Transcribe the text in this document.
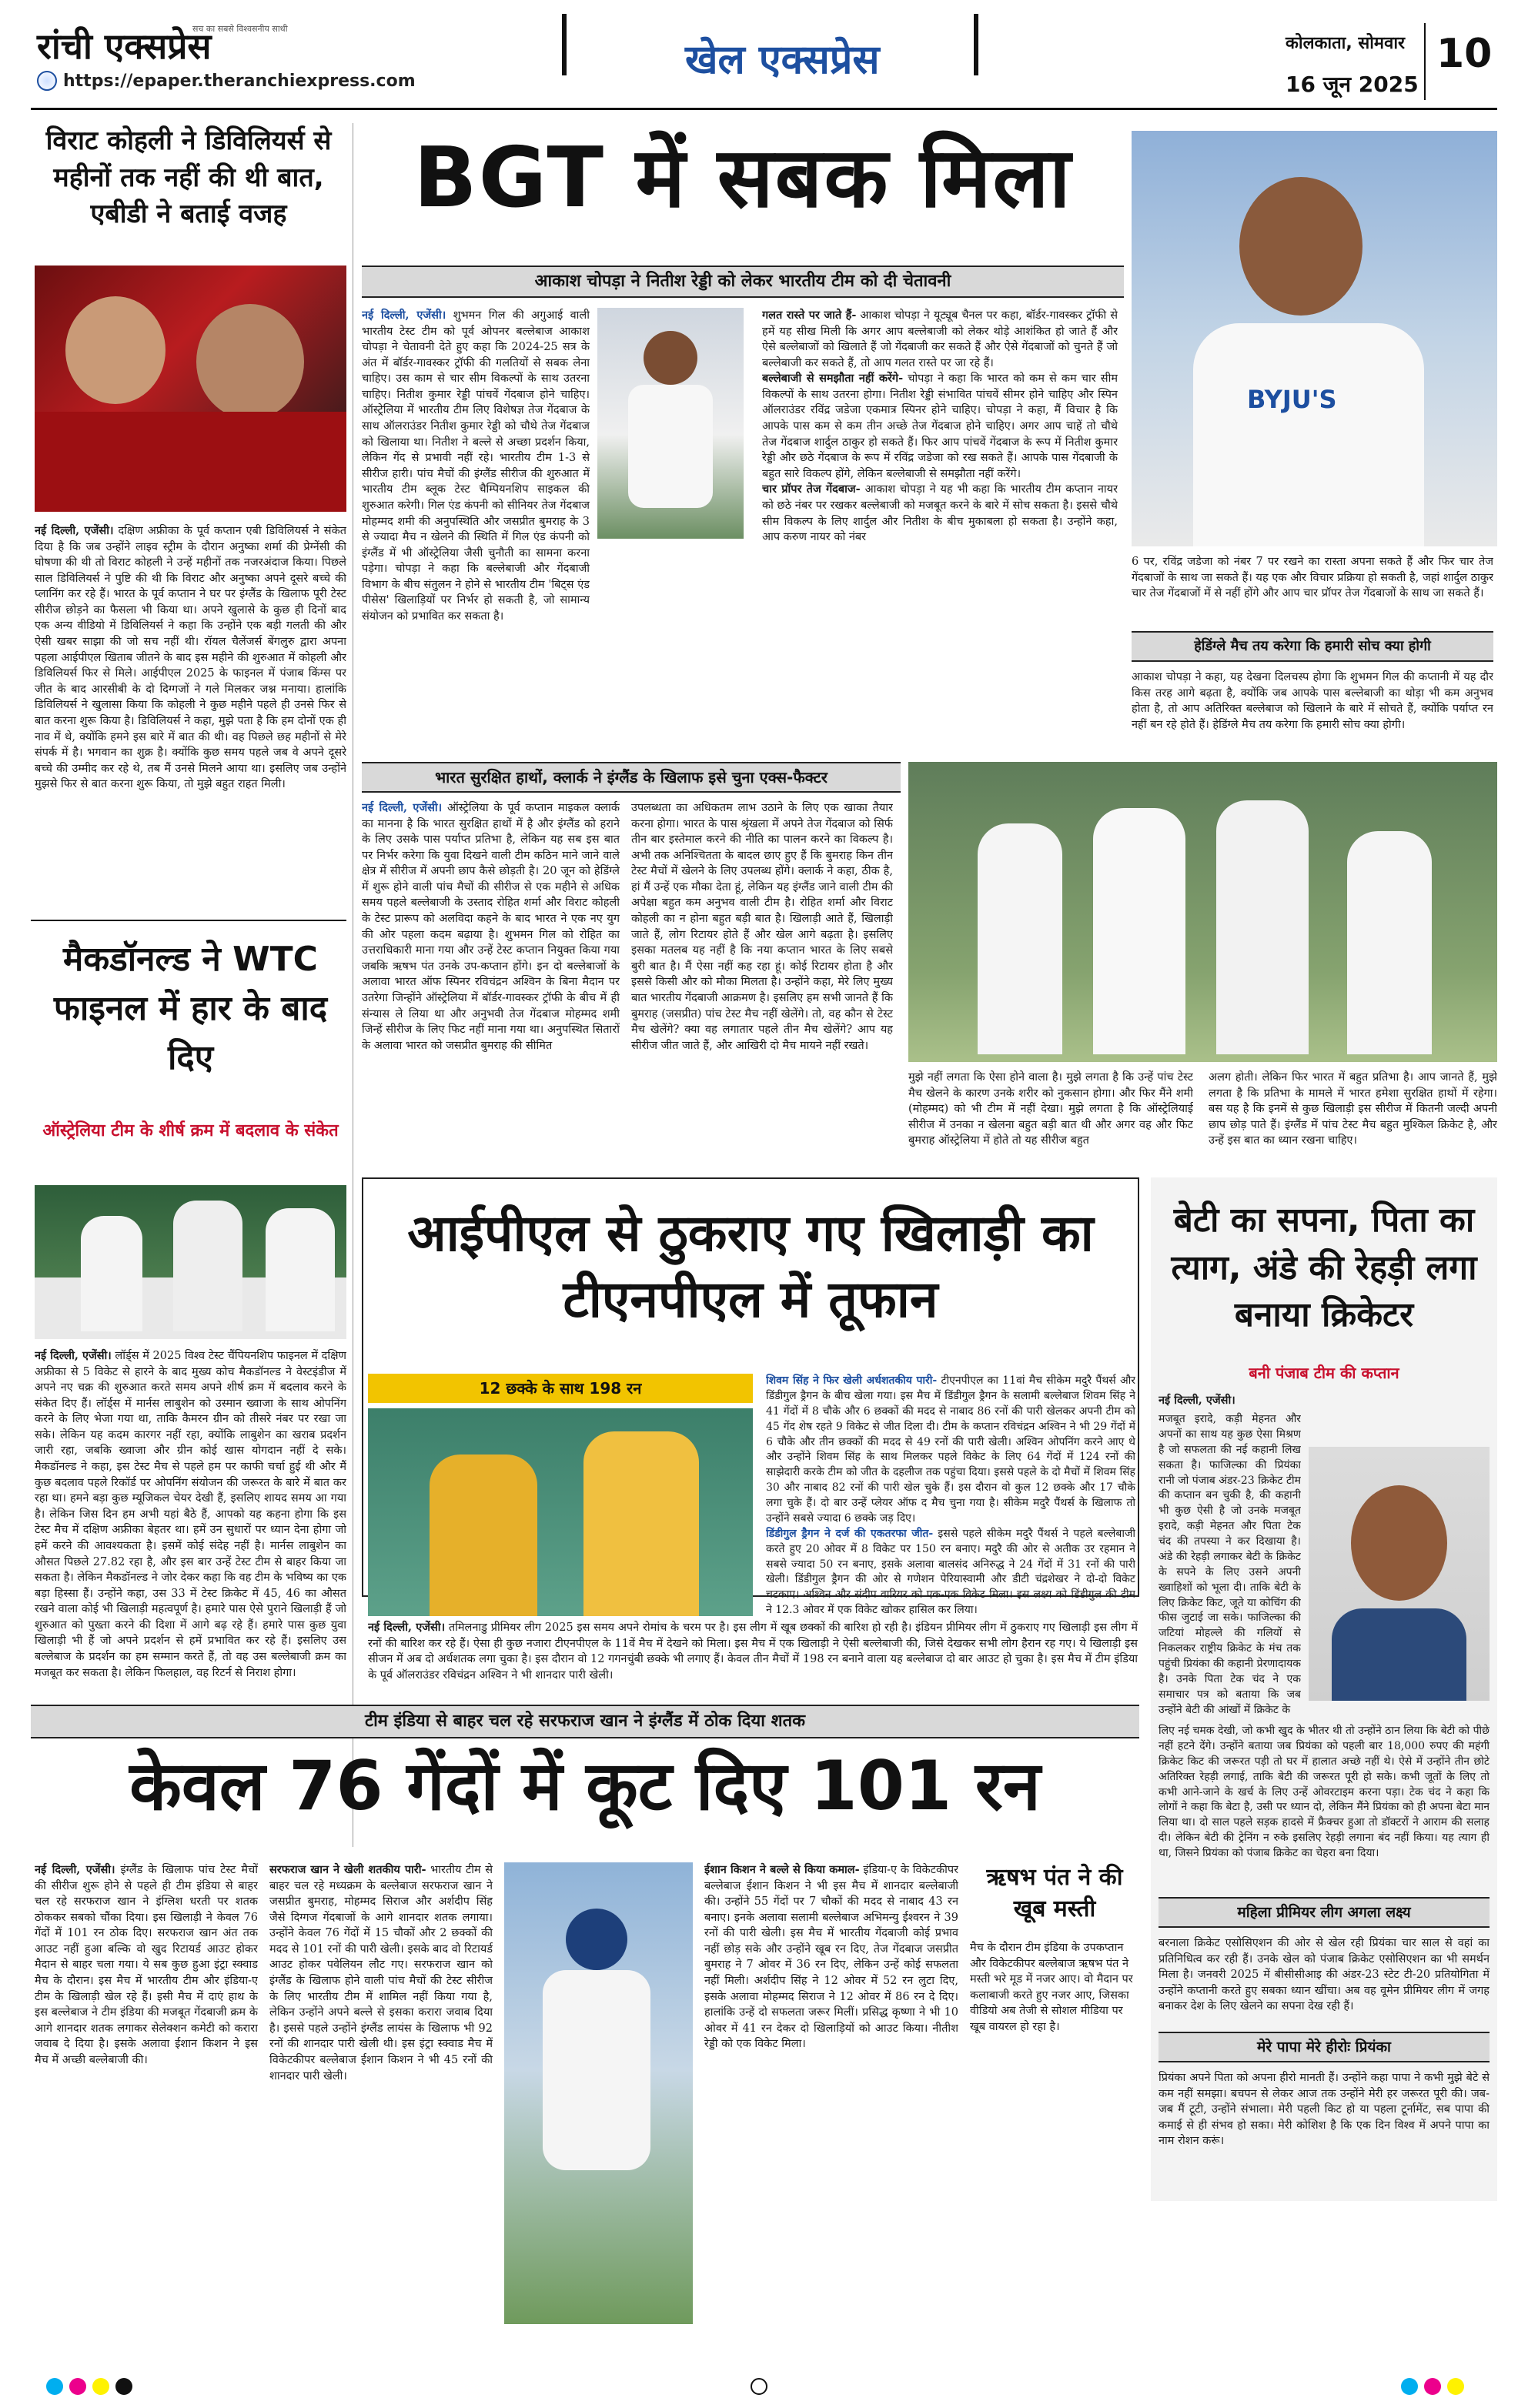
रांची एक्सप्रेस
सच का सबसे विश्वसनीय साथी
https://epaper.theranchiexpress.com	खेल एक्सप्रेस	कोलकाता, सोमवार
16 जून 2025
10
विराट कोहली ने डिविलियर्स से महीनों तक नहीं की थी बात, एबीडी ने बताई वजह
नई दिल्ली, एजेंसी। दक्षिण अफ्रीका के पूर्व कप्तान एबी डिविलियर्स ने संकेत दिया है कि जब उन्होंने लाइव स्ट्रीम के दौरान अनुष्का शर्मा की प्रेग्नेंसी की घोषणा की थी तो विराट कोहली ने उन्हें महीनों तक नजरअंदाज किया। पिछले साल डिविलियर्स ने पुष्टि की थी कि विराट और अनुष्का अपने दूसरे बच्चे की प्लानिंग कर रहे हैं। भारत के पूर्व कप्तान ने घर पर इंग्लैंड के खिलाफ पूरी टेस्ट सीरीज छोड़ने का फैसला भी किया था। अपने खुलासे के कुछ ही दिनों बाद एक अन्य वीडियो में डिविलियर्स ने कहा कि उन्होंने एक बड़ी गलती की और ऐसी खबर साझा की जो सच नहीं थी। रॉयल चैलेंजर्स बेंगलुरु द्वारा अपना पहला आईपीएल खिताब जीतने के बाद इस महीने की शुरुआत में कोहली और डिविलियर्स फिर से मिले। आईपीएल 2025 के फाइनल में पंजाब किंग्स पर जीत के बाद आरसीबी के दो दिग्गजों ने गले मिलकर जश्न मनाया। हालांकि डिविलियर्स ने खुलासा किया कि कोहली ने कुछ महीने पहले ही उनसे फिर से बात करना शुरू किया है। डिविलियर्स ने कहा, मुझे पता है कि हम दोनों एक ही नाव में थे, क्योंकि हमने इस बारे में बात की थी। वह पिछले छह महीनों से मेरे संपर्क में है। भगवान का शुक्र है। क्योंकि कुछ समय पहले जब वे अपने दूसरे बच्चे की उम्मीद कर रहे थे, तब मैं उनसे मिलने आया था। इसलिए जब उन्होंने मुझसे फिर से बात करना शुरू किया, तो मुझे बहुत राहत मिली।
मैकडॉनल्ड ने WTC फाइनल में हार के बाद दिए
ऑस्ट्रेलिया टीम के शीर्ष क्रम में बदलाव के संकेत
नई दिल्ली, एजेंसी। लॉर्ड्स में 2025 विश्व टेस्ट चैंपियनशिप फाइनल में दक्षिण अफ्रीका से 5 विकेट से हारने के बाद मुख्य कोच मैकडॉनल्ड ने वेस्टइंडीज में अपने नए चक्र की शुरुआत करते समय अपने शीर्ष क्रम में बदलाव करने के संकेत दिए हैं। लॉर्ड्स में मार्नस लाबुशेन को उस्मान ख्वाजा के साथ ओपनिंग करने के लिए भेजा गया था, ताकि कैमरन ग्रीन को तीसरे नंबर पर रखा जा सके। लेकिन यह कदम कारगर नहीं रहा, क्योंकि लाबुशेन का खराब प्रदर्शन जारी रहा, जबकि ख्वाजा और ग्रीन कोई खास योगदान नहीं दे सके। मैकडॉनल्ड ने कहा, इस टेस्ट मैच से पहले हम पर काफी चर्चा हुई थी और मैं कुछ बदलाव पहले रिकॉर्ड पर ओपनिंग संयोजन की जरूरत के बारे में बात कर रहा था। हमने बड़ा कुछ म्यूजिकल चेयर देखी हैं, इसलिए शायद समय आ गया है। लेकिन जिस दिन हम अभी यहां बैठे हैं, आपको यह कहना होगा कि इस टेस्ट मैच में दक्षिण अफ्रीका बेहतर था। हमें उन सुधारों पर ध्यान देना होगा जो हमें करने की आवश्यकता है। इसमें कोई संदेह नहीं है। मार्नस लाबुशेन का औसत पिछले 27.82 रहा है, और इस बार उन्हें टेस्ट टीम से बाहर किया जा सकता है। लेकिन मैकडॉनल्ड ने जोर देकर कहा कि वह टीम के भविष्य का एक बड़ा हिस्सा हैं। उन्होंने कहा, उस 33 में टेस्ट क्रिकेट में 45, 46 का औसत रखने वाला कोई भी खिलाड़ी महत्वपूर्ण है। हमारे पास ऐसे पुराने खिलाड़ी हैं जो शुरुआत को पुख्ता करने की दिशा में आगे बढ़ रहे हैं। हमारे पास कुछ युवा खिलाड़ी भी हैं जो अपने प्रदर्शन से हमें प्रभावित कर रहे हैं। इसलिए उस बल्लेबाज के प्रदर्शन का हम सम्मान करते हैं, तो वह उस बल्लेबाजी क्रम का मजबूत कर सकता है। लेकिन फिलहाल, वह रिटर्न से निराश होगा।
BGT में सबक मिला
आकाश चोपड़ा ने नितीश रेड्डी को लेकर भारतीय टीम को दी चेतावनी
नई दिल्ली, एजेंसी। शुभमन गिल की अगुआई वाली भारतीय टेस्ट टीम को पूर्व ओपनर बल्लेबाज आकाश चोपड़ा ने चेतावनी देते हुए कहा कि 2024-25 सत्र के अंत में बॉर्डर-गावस्कर ट्रॉफी की गलतियों से सबक लेना चाहिए। उस काम से चार सीम विकल्पों के साथ उतरना चाहिए। नितीश कुमार रेड्डी पांचवें गेंदबाज होने चाहिए। ऑस्ट्रेलिया में भारतीय टीम लिए विशेषज्ञ तेज गेंदबाज के साथ ऑलराउंडर नितीश कुमार रेड्डी को चौथे तेज गेंदबाज को खिलाया था। नितीश ने बल्ले से अच्छा प्रदर्शन किया, लेकिन गेंद से प्रभावी नहीं रहे। भारतीय टीम 1-3 से सीरीज हारी। पांच मैचों की इंग्लैंड सीरीज की शुरुआत में भारतीय टीम ब्लूक टेस्ट चैम्पियनशिप साइकल की शुरुआत करेगी। गिल एंड कंपनी को सीनियर तेज गेंदबाज मोहम्मद शमी की अनुपस्थिति और जसप्रीत बुमराह के 3 से ज्यादा मैच न खेलने की स्थिति में गिल एंड कंपनी को इंग्लैंड में भी ऑस्ट्रेलिया जैसी चुनौती का सामना करना पड़ेगा। चोपड़ा ने कहा कि बल्लेबाजी और गेंदबाजी विभाग के बीच संतुलन ने होने से भारतीय टीम 'बिट्स एंड पीसेस' खिलाड़ियों पर निर्भर हो सकती है, जो सामान्य संयोजन को प्रभावित कर सकता है।
गलत रास्ते पर जाते हैं- आकाश चोपड़ा ने यूट्यूब चैनल पर कहा, बॉर्डर-गावस्कर ट्रॉफी से हमें यह सीख मिली कि अगर आप बल्लेबाजी को लेकर थोड़े आशंकित हो जाते हैं और ऐसे बल्लेबाजों को खिलाते हैं जो गेंदबाजी कर सकते हैं और ऐसे गेंदबाजों को चुनते हैं जो बल्लेबाजी कर सकते हैं, तो आप गलत रास्ते पर जा रहे हैं।
बल्लेबाजी से समझौता नहीं करेंगे- चोपड़ा ने कहा कि भारत को कम से कम चार सीम विकल्पों के साथ उतरना होगा। नितीश रेड्डी संभावित पांचवें सीमर होने चाहिए और स्पिन ऑलराउंडर रविंद्र जडेजा एकमात्र स्पिनर होने चाहिए। चोपड़ा ने कहा, मैं विचार है कि आपके पास कम से कम तीन अच्छे तेज गेंदबाज होने चाहिए। अगर आप चाहें तो चौथे तेज गेंदबाज शार्दुल ठाकुर हो सकते हैं। फिर आप पांचवें गेंदबाज के रूप में नितीश कुमार रेड्डी और छठे गेंदबाज के रूप में रविंद्र जडेजा को रख सकते हैं। आपके पास गेंदबाजी के बहुत सारे विकल्प होंगे, लेकिन बल्लेबाजी से समझौता नहीं करेंगे।
चार प्रॉपर तेज गेंदबाज- आकाश चोपड़ा ने यह भी कहा कि भारतीय टीम कप्तान नायर को छठे नंबर पर रखकर बल्लेबाजी को मजबूत करने के बारे में सोच सकता है। इससे चौथे सीम विकल्प के लिए शार्दुल और नितीश के बीच मुकाबला हो सकता है। उन्होंने कहा, आप करुण नायर को नंबर
BYJU'S
6 पर, रविंद्र जडेजा को नंबर 7 पर रखने का रास्ता अपना सकते हैं और फिर चार तेज गेंदबाजों के साथ जा सकते हैं। यह एक और विचार प्रक्रिया हो सकती है, जहां शार्दुल ठाकुर चार तेज गेंदबाजों में से नहीं होंगे और आप चार प्रॉपर तेज गेंदबाजों के साथ जा सकते हैं।
हेडिंग्ले मैच तय करेगा कि हमारी सोच क्या होगी
आकाश चोपड़ा ने कहा, यह देखना दिलचस्प होगा कि शुभमन गिल की कप्तानी में यह दौर किस तरह आगे बढ़ता है, क्योंकि जब आपके पास बल्लेबाजी का थोड़ा भी कम अनुभव होता है, तो आप अतिरिक्त बल्लेबाज को खिलाने के बारे में सोचते हैं, क्योंकि पर्याप्त रन नहीं बन रहे होते हैं। हेडिंग्ले मैच तय करेगा कि हमारी सोच क्या होगी।
भारत सुरक्षित हाथों, क्लार्क ने इंग्लैंड के खिलाफ इसे चुना एक्स-फैक्टर
नई दिल्ली, एजेंसी। ऑस्ट्रेलिया के पूर्व कप्तान माइकल क्लार्क का मानना है कि भारत सुरक्षित हाथों में है और इंग्लैंड को हराने के लिए उसके पास पर्याप्त प्रतिभा है, लेकिन यह सब इस बात पर निर्भर करेगा कि युवा दिखने वाली टीम कठिन माने जाने वाले क्षेत्र में सीरीज में अपनी छाप कैसे छोड़ती है। 20 जून को हेडिंग्ले में शुरू होने वाली पांच मैचों की सीरीज से एक महीने से अधिक समय पहले बल्लेबाजी के उस्ताद रोहित शर्मा और विराट कोहली के टेस्ट प्रारूप को अलविदा कहने के बाद भारत ने एक नए युग की ओर पहला कदम बढ़ाया है। शुभमन गिल को रोहित का उत्तराधिकारी माना गया और उन्हें टेस्ट कप्तान नियुक्त किया गया जबकि ऋषभ पंत उनके उप-कप्तान होंगे। इन दो बल्लेबाजों के अलावा भारत ऑफ स्पिनर रविचंद्रन अश्विन के बिना मैदान पर उतरेगा जिन्होंने ऑस्ट्रेलिया में बॉर्डर-गावस्कर ट्रॉफी के बीच में ही संन्यास ले लिया था और अनुभवी तेज गेंदबाज मोहम्मद शमी जिन्हें सीरीज के लिए फिट नहीं माना गया था। अनुपस्थित सितारों के अलावा भारत को जसप्रीत बुमराह की सीमित
उपलब्धता का अधिकतम लाभ उठाने के लिए एक खाका तैयार करना होगा। भारत के पास श्रृंखला में अपने तेज गेंदबाज को सिर्फ तीन बार इस्तेमाल करने की नीति का पालन करने का विकल्प है। अभी तक अनिश्चितता के बादल छाए हुए हैं कि बुमराह किन तीन टेस्ट मैचों में खेलने के लिए उपलब्ध होंगे। क्लार्क ने कहा, ठीक है, हां मैं उन्हें एक मौका देता हूं, लेकिन यह इंग्लैंड जाने वाली टीम की अपेक्षा बहुत कम अनुभव वाली टीम है। रोहित शर्मा और विराट कोहली का न होना बहुत बड़ी बात है। खिलाड़ी आते हैं, खिलाड़ी जाते हैं, लोग रिटायर होते हैं और खेल आगे बढ़ता है। इसलिए इसका मतलब यह नहीं है कि नया कप्तान भारत के लिए सबसे बुरी बात है। मैं ऐसा नहीं कह रहा हूं। कोई रिटायर होता है और इससे किसी और को मौका मिलता है। उन्होंने कहा, मेरे लिए मुख्य बात भारतीय गेंदबाजी आक्रमण है। इसलिए हम सभी जानते हैं कि बुमराह (जसप्रीत) पांच टेस्ट मैच नहीं खेलेंगे। तो, वह कौन से टेस्ट मैच खेलेंगे? क्या वह लगातार पहले तीन मैच खेलेंगे? आप यह सीरीज जीत जाते हैं, और आखिरी दो मैच मायने नहीं रखते।
मुझे नहीं लगता कि ऐसा होने वाला है। मुझे लगता है कि उन्हें पांच टेस्ट मैच खेलने के कारण उनके शरीर को नुकसान होगा। और फिर मैंने शमी (मोहम्मद) को भी टीम में नहीं देखा। मुझे लगता है कि ऑस्ट्रेलियाई सीरीज में उनका न खेलना बहुत बड़ी बात थी और अगर वह और फिट बुमराह ऑस्ट्रेलिया में होते तो यह सीरीज बहुत
अलग होती। लेकिन फिर भारत में बहुत प्रतिभा है। आप जानते हैं, मुझे लगता है कि प्रतिभा के मामले में भारत हमेशा सुरक्षित हाथों में रहेगा। बस यह है कि इनमें से कुछ खिलाड़ी इस सीरीज में कितनी जल्दी अपनी छाप छोड़ पाते हैं। इंग्लैंड में पांच टेस्ट मैच बहुत मुश्किल क्रिकेट है, और उन्हें इस बात का ध्यान रखना चाहिए।
आईपीएल से ठुकराए गए खिलाड़ी का टीएनपीएल में तूफान
12 छक्के के साथ 198 रन
नई दिल्ली, एजेंसी। तमिलनाडु प्रीमियर लीग 2025 इस समय अपने रोमांच के चरम पर है। इस लीग में खूब छक्कों की बारिश हो रही है। इंडियन प्रीमियर लीग में ठुकराए गए खिलाड़ी इस लीग में रनों की बारिश कर रहे हैं। ऐसा ही कुछ नजारा टीएनपीएल के 11वें मैच में देखने को मिला। इस मैच में एक खिलाड़ी ने ऐसी बल्लेबाजी की, जिसे देखकर सभी लोग हैरान रह गए। ये खिलाड़ी इस सीजन में अब दो अर्धशतक लगा चुका है। इस दौरान वो 12 गगनचुंबी छक्के भी लगाए हैं। केवल तीन मैचों में 198 रन बनाने वाला यह बल्लेबाज दो बार आउट हो चुका है। इस मैच में टीम इंडिया के पूर्व ऑलराउंडर रविचंद्रन अश्विन ने भी शानदार पारी खेली।
शिवम सिंह ने फिर खेली अर्धशतकीय पारी- टीएनपीएल का 11वां मैच सीकेम मदुरै पैंथर्स और डिंडीगुल ड्रैगन के बीच खेला गया। इस मैच में डिंडीगुल ड्रैगन के सलामी बल्लेबाज शिवम सिंह ने 41 गेंदों में 8 चौके और 6 छक्कों की मदद से नाबाद 86 रनों की पारी खेलकर अपनी टीम को 45 गेंद शेष रहते 9 विकेट से जीत दिला दी। टीम के कप्तान रविचंद्रन अश्विन ने भी 29 गेंदों में 6 चौके और तीन छक्कों की मदद से 49 रनों की पारी खेली। अश्विन ओपनिंग करने आए थे और उन्होंने शिवम सिंह के साथ मिलकर पहले विकेट के लिए 64 गेंदों में 124 रनों की साझेदारी करके टीम को जीत के दहलीज तक पहुंचा दिया। इससे पहले के दो मैचों में शिवम सिंह 30 और नाबाद 82 रनों की पारी खेल चुके हैं। इस दौरान वो कुल 12 छक्के और 17 चौके लगा चुके हैं। दो बार उन्हें प्लेयर ऑफ द मैच चुना गया है। सीकेम मदुरै पैंथर्स के खिलाफ तो उन्होंने सबसे ज्यादा 6 छक्के जड़ दिए।
डिंडीगुल ड्रैगन ने दर्ज की एकतरफा जीत- इससे पहले सीकेम मदुरै पैंथर्स ने पहले बल्लेबाजी करते हुए 20 ओवर में 8 विकेट पर 150 रन बनाए। मदुरै की ओर से अतीक उर रहमान ने सबसे ज्यादा 50 रन बनाए, इसके अलावा बालसंद अनिरुद्ध ने 24 गेंदों में 31 रनों की पारी खेली। डिंडीगुल ड्रैगन की ओर से गणेशन पेरियास्वामी और डीटी चंद्रशेखर ने दो-दो विकेट चटकाए। अश्विन और संदीप वारियर को एक-एक विकेट मिला। इस लक्ष्य को डिंडीगुल की टीम ने 12.3 ओवर में एक विकेट खोकर हासिल कर लिया।
बेटी का सपना, पिता का त्याग, अंडे की रेहड़ी लगा बनाया क्रिकेटर
बनी पंजाब टीम की कप्तान
नई दिल्ली, एजेंसी।
मजबूत इरादे, कड़ी मेहनत और अपनों का साथ यह कुछ ऐसा मिश्रण है जो सफलता की नई कहानी लिख सकता है। फाजिल्का की प्रियंका रानी जो पंजाब अंडर-23 क्रिकेट टीम की कप्तान बन चुकी है, की कहानी भी कुछ ऐसी है जो उनके मजबूत इरादे, कड़ी मेहनत और पिता टेक चंद की तपस्या ने कर दिखाया है। अंडे की रेहड़ी लगाकर बेटी के क्रिकेट के सपने के लिए उसने अपनी ख्वाहिशों को भूला दी। ताकि बेटी के लिए क्रिकेट किट, जूते या कोचिंग की फीस जुटाई जा सके। फाजिल्का की जटियां मोहल्ले की गलियों से निकलकर राष्ट्रीय क्रिकेट के मंच तक पहुंची प्रियंका की कहानी प्रेरणादायक है। उनके पिता टेक चंद ने एक समाचार पत्र को बताया कि जब उन्होंने बेटी की आंखों में क्रिकेट के
लिए नई चमक देखी, जो कभी खुद के भीतर थी तो उन्होंने ठान लिया कि बेटी को पीछे नहीं हटने देंगे। उन्होंने बताया जब प्रियंका को पहली बार 18,000 रुपए की महंगी क्रिकेट किट की जरूरत पड़ी तो घर में हालात अच्छे नहीं थे। ऐसे में उन्होंने तीन छोटे अतिरिक्त रेहड़ी लगाई, ताकि बेटी की जरूरत पूरी हो सके। कभी जूतों के लिए तो कभी आने-जाने के खर्च के लिए उन्हें ओवरटाइम करना पड़ा। टेक चंद ने कहा कि लोगों ने कहा कि बेटा है, उसी पर ध्यान दो, लेकिन मैंने प्रियंका को ही अपना बेटा मान लिया था। दो साल पहले सड़क हादसे में फ्रैक्चर हुआ तो डॉक्टरों ने आराम की सलाह दी। लेकिन बेटी की ट्रेनिंग न रुके इसलिए रेहड़ी लगाना बंद नहीं किया। यह त्याग ही था, जिसने प्रियंका को पंजाब क्रिकेट का चेहरा बना दिया।
महिला प्रीमियर लीग अगला लक्ष्य
बरनाला क्रिकेट एसोसिएशन की ओर से खेल रही प्रियंका चार साल से वहां का प्रतिनिधित्व कर रही हैं। उनके खेल को पंजाब क्रिकेट एसोसिएशन का भी समर्थन मिला है। जनवरी 2025 में बीसीसीआइ की अंडर-23 स्टेट टी-20 प्रतियोगिता में उन्होंने कप्तानी करते हुए सबका ध्यान खींचा। अब वह वूमेन प्रीमियर लीग में जगह बनाकर देश के लिए खेलने का सपना देख रही हैं।
मेरे पापा मेरे हीरोः प्रियंका
प्रियंका अपने पिता को अपना हीरो मानती हैं। उन्होंने कहा पापा ने कभी मुझे बेटे से कम नहीं समझा। बचपन से लेकर आज तक उन्होंने मेरी हर जरूरत पूरी की। जब-जब मैं टूटी, उन्होंने संभाला। मेरी पहली किट हो या पहला टूर्नामेंट, सब पापा की कमाई से ही संभव हो सका। मेरी कोशिश है कि एक दिन विश्व में अपने पापा का नाम रोशन करूं।
टीम इंडिया से बाहर चल रहे सरफराज खान ने इंग्लैंड में ठोक दिया शतक
केवल 76 गेंदों में कूट दिए 101 रन
नई दिल्ली, एजेंसी। इंग्लैंड के खिलाफ पांच टेस्ट मैचों की सीरीज शुरू होने से पहले ही टीम इंडिया से बाहर चल रहे सरफराज खान ने इंग्लिश धरती पर शतक ठोककर सबको चौंका दिया। इस खिलाड़ी ने केवल 76 गेंदों में 101 रन ठोक दिए। सरफराज खान अंत तक आउट नहीं हुआ बल्कि वो खुद रिटायर्ड आउट होकर मैदान से बाहर चला गया। ये सब कुछ हुआ इंट्रा स्क्वाड मैच के दौरान। इस मैच में भारतीय टीम और इंडिया-ए टीम के खिलाड़ी खेल रहे हैं। इसी मैच में दाएं हाथ के इस बल्लेबाज ने टीम इंडिया की मजबूत गेंदबाजी क्रम के आगे शानदार शतक लगाकर सेलेक्शन कमेटी को करारा जवाब दे दिया है। इसके अलावा ईशान किशन ने इस मैच में अच्छी बल्लेबाजी की।
सरफराज खान ने खेली शतकीय पारी- भारतीय टीम से बाहर चल रहे मध्यक्रम के बल्लेबाज सरफराज खान ने जसप्रीत बुमराह, मोहम्मद सिराज और अर्शदीप सिंह जैसे दिग्गज गेंदबाजों के आगे शानदार शतक लगाया। उन्होंने केवल 76 गेंदों में 15 चौकों और 2 छक्कों की मदद से 101 रनों की पारी खेली। इसके बाद वो रिटायर्ड आउट होकर पवेलियन लौट गए। सरफराज खान को इंग्लैंड के खिलाफ होने वाली पांच मैचों की टेस्ट सीरीज के लिए भारतीय टीम में शामिल नहीं किया गया है, लेकिन उन्होंने अपने बल्ले से इसका करारा जवाब दिया है। इससे पहले उन्होंने इंग्लैंड लायंस के खिलाफ भी 92 रनों की शानदार पारी खेली थी। इस इंट्रा स्क्वाड मैच में विकेटकीपर बल्लेबाज ईशान किशन ने भी 45 रनों की शानदार पारी खेली।
ईशान किशन ने बल्ले से किया कमाल- इंडिया-ए के विकेटकीपर बल्लेबाज ईशान किशन ने भी इस मैच में शानदार बल्लेबाजी की। उन्होंने 55 गेंदों पर 7 चौकों की मदद से नाबाद 43 रन बनाए। इनके अलावा सलामी बल्लेबाज अभिमन्यु ईश्वरन ने 39 रनों की पारी खेली। इस मैच में भारतीय गेंदबाजी कोई प्रभाव नहीं छोड़ सके और उन्होंने खूब रन दिए, तेज गेंदबाज जसप्रीत बुमराह ने 7 ओवर में 36 रन दिए, लेकिन उन्हें कोई सफलता नहीं मिली। अर्शदीप सिंह ने 12 ओवर में 52 रन लुटा दिए, इसके अलावा मोहम्मद सिराज ने 12 ओवर में 86 रन दे दिए। हालांकि उन्हें दो सफलता जरूर मिलीं। प्रसिद्ध कृष्णा ने भी 10 ओवर में 41 रन देकर दो खिलाड़ियों को आउट किया। नीतीश रेड्डी को एक विकेट मिला।
ऋषभ पंत ने की खूब मस्ती
मैच के दौरान टीम इंडिया के उपकप्तान और विकेटकीपर बल्लेबाज ऋषभ पंत ने मस्ती भरे मूड में नजर आए। वो मैदान पर कलाबाजी करते हुए नजर आए, जिसका वीडियो अब तेजी से सोशल मीडिया पर खूब वायरल हो रहा है।
